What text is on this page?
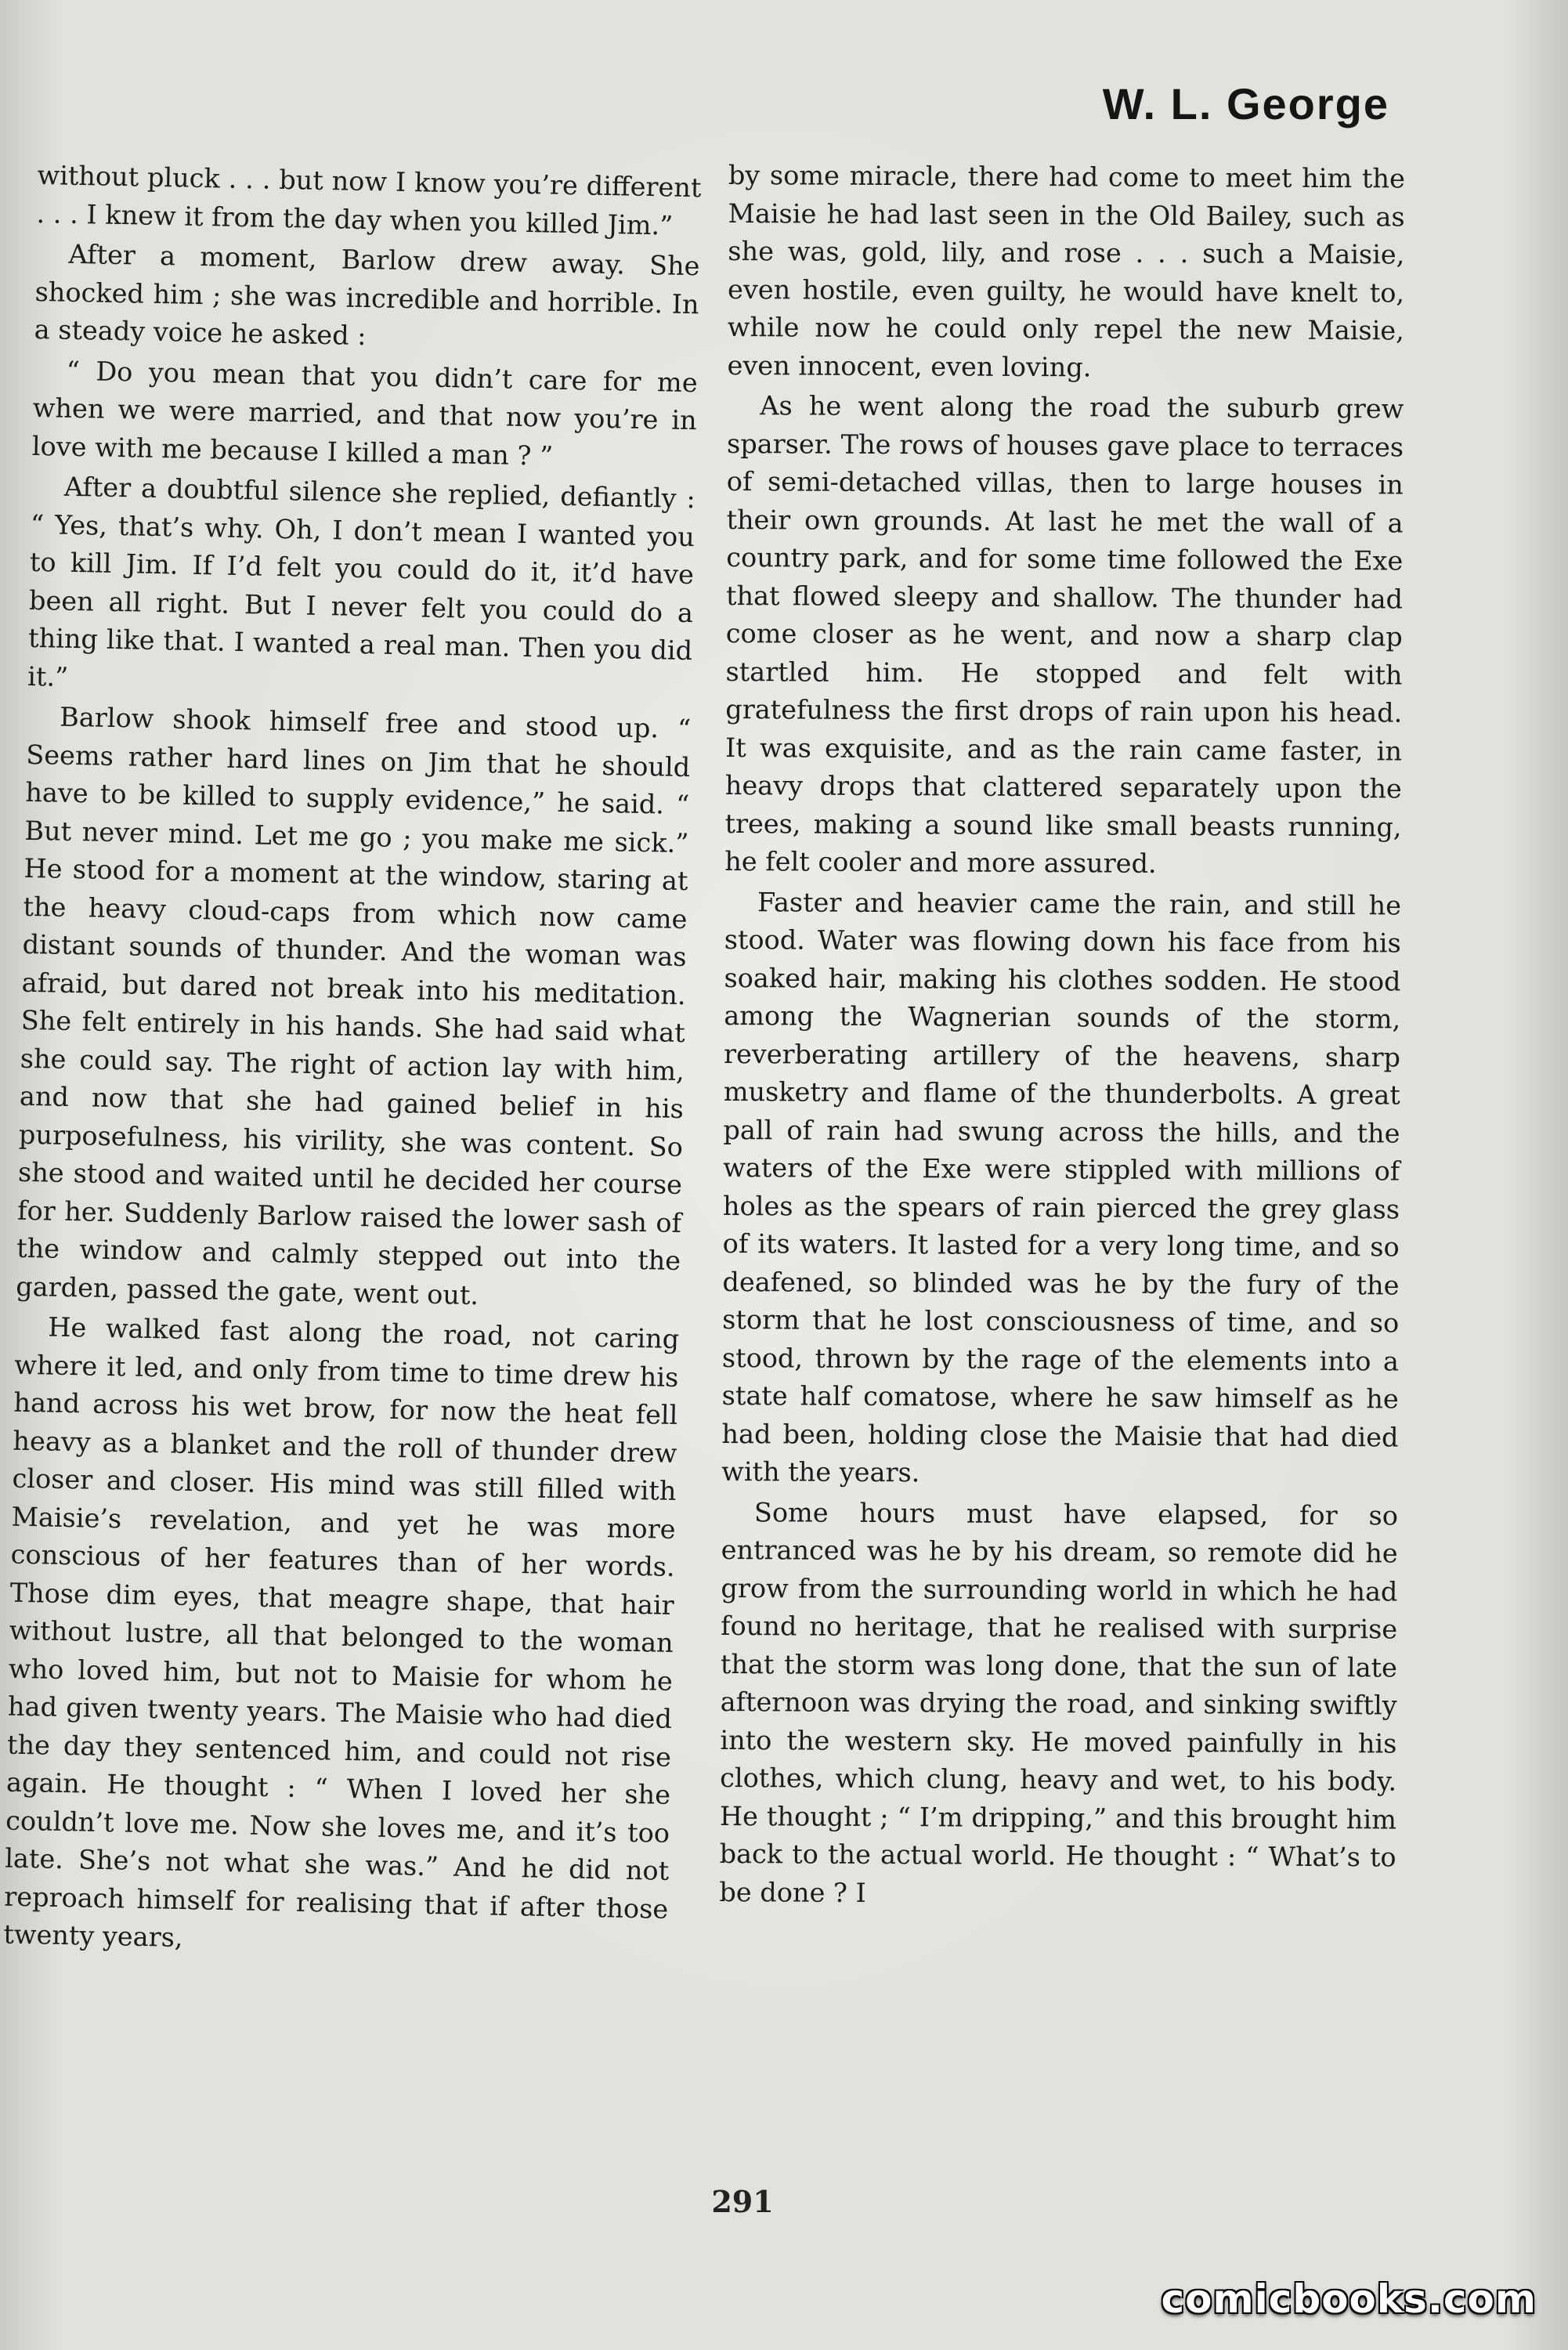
W. L. George

without pluck . . . but now I know you’re different . . . I knew it from the day when you killed Jim.”

After a moment, Barlow drew away. She shocked him ; she was incredible and horrible. In a steady voice he asked :

“ Do you mean that you didn’t care for me when we were married, and that now you’re in love with me because I killed a man ? ”

After a doubtful silence she replied, defiantly : “ Yes, that’s why. Oh, I don’t mean I wanted you to kill Jim. If I’d felt you could do it, it’d have been all right. But I never felt you could do a thing like that. I wanted a real man. Then you did it.”

Barlow shook himself free and stood up. “ Seems rather hard lines on Jim that he should have to be killed to supply evidence,” he said. “ But never mind. Let me go ; you make me sick.” He stood for a moment at the window, staring at the heavy cloud-caps from which now came distant sounds of thunder. And the woman was afraid, but dared not break into his meditation. She felt entirely in his hands. She had said what she could say. The right of action lay with him, and now that she had gained belief in his purposefulness, his virility, she was content. So she stood and waited until he decided her course for her. Suddenly Barlow raised the lower sash of the window and calmly stepped out into the garden, passed the gate, went out.

He walked fast along the road, not caring where it led, and only from time to time drew his hand across his wet brow, for now the heat fell heavy as a blanket and the roll of thunder drew closer and closer. His mind was still filled with Maisie’s revelation, and yet he was more conscious of her features than of her words. Those dim eyes, that meagre shape, that hair without lustre, all that belonged to the woman who loved him, but not to Maisie for whom he had given twenty years. The Maisie who had died the day they sentenced him, and could not rise again. He thought : “ When I loved her she couldn’t love me. Now she loves me, and it’s too late. She’s not what she was.” And he did not reproach himself for realising that if after those twenty years,

by some miracle, there had come to meet him the Maisie he had last seen in the Old Bailey, such as she was, gold, lily, and rose . . . such a Maisie, even hostile, even guilty, he would have knelt to, while now he could only repel the new Maisie, even innocent, even loving.

As he went along the road the suburb grew sparser. The rows of houses gave place to terraces of semi-detached villas, then to large houses in their own grounds. At last he met the wall of a country park, and for some time followed the Exe that flowed sleepy and shallow. The thunder had come closer as he went, and now a sharp clap startled him. He stopped and felt with gratefulness the first drops of rain upon his head. It was exquisite, and as the rain came faster, in heavy drops that clattered separately upon the trees, making a sound like small beasts running, he felt cooler and more assured.

Faster and heavier came the rain, and still he stood. Water was flowing down his face from his soaked hair, making his clothes sodden. He stood among the Wagnerian sounds of the storm, reverberating artillery of the heavens, sharp musketry and flame of the thunderbolts. A great pall of rain had swung across the hills, and the waters of the Exe were stippled with millions of holes as the spears of rain pierced the grey glass of its waters. It lasted for a very long time, and so deafened, so blinded was he by the fury of the storm that he lost consciousness of time, and so stood, thrown by the rage of the elements into a state half comatose, where he saw himself as he had been, holding close the Maisie that had died with the years.

Some hours must have elapsed, for so entranced was he by his dream, so remote did he grow from the surrounding world in which he had found no heritage, that he realised with surprise that the storm was long done, that the sun of late afternoon was drying the road, and sinking swiftly into the western sky. He moved painfully in his clothes, which clung, heavy and wet, to his body. He thought ; “ I’m dripping,” and this brought him back to the actual world. He thought : “ What’s to be done ? I

291
comicbooks.com
